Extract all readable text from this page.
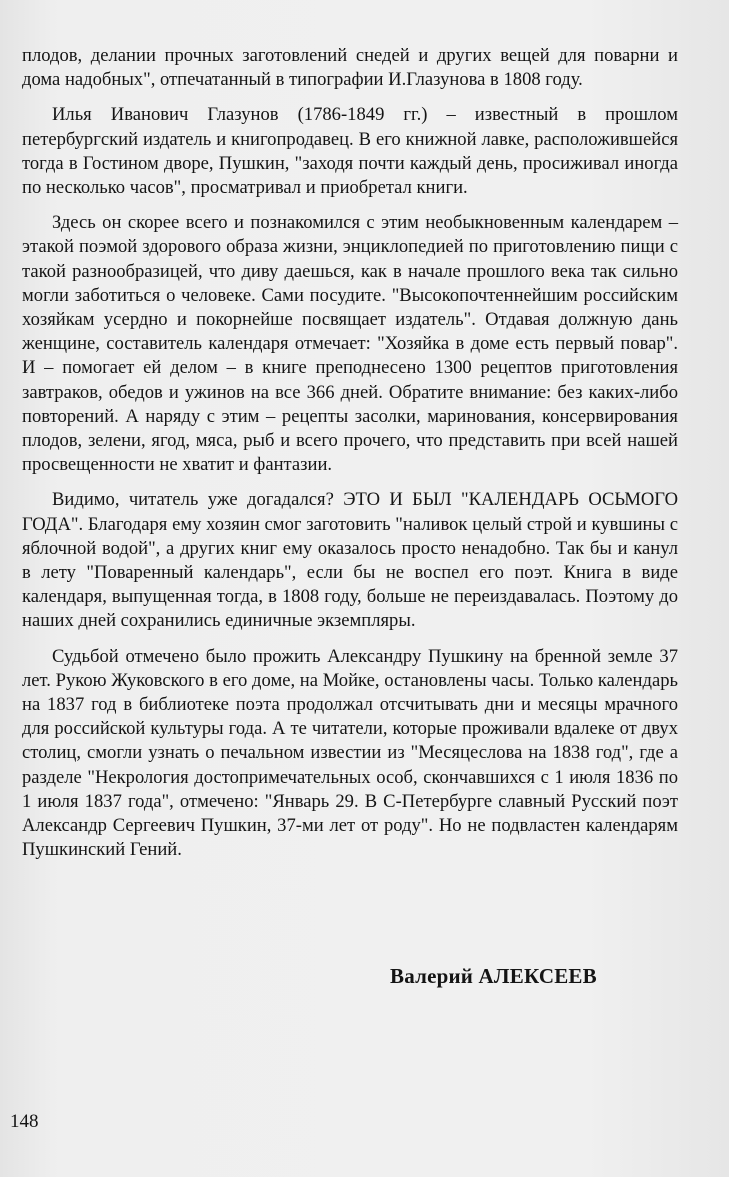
плодов, делании прочных заготовлений снедей и других вещей для поварни и дома надобных", отпечатанный в типографии И.Глазунова в 1808 году.

Илья Иванович Глазунов (1786-1849 гг.) – известный в прошлом петербургский издатель и книгопродавец. В его книжной лавке, расположившейся тогда в Гостином дворе, Пушкин, "заходя почти каждый день, просиживал иногда по несколько часов", просматривал и приобретал книги.

Здесь он скорее всего и познакомился с этим необыкновенным календарем – этакой поэмой здорового образа жизни, энциклопедией по приготовлению пищи с такой разнообразицей, что диву даешься, как в начале прошлого века так сильно могли заботиться о человеке. Сами посудите. "Высокопочтеннейшим российским хозяйкам усердно и покорнейше посвящает издатель". Отдавая должную дань женщине, составитель календаря отмечает: "Хозяйка в доме есть первый повар". И – помогает ей делом – в книге преподнесено 1300 рецептов приготовления завтраков, обедов и ужинов на все 366 дней. Обратите внимание: без каких-либо повторений. А наряду с этим – рецепты засолки, маринования, консервирования плодов, зелени, ягод, мяса, рыб и всего прочего, что представить при всей нашей просвещенности не хватит и фантазии.

Видимо, читатель уже догадался? ЭТО И БЫЛ "КАЛЕНДАРЬ ОСЬМОГО ГОДА". Благодаря ему хозяин смог заготовить "наливок целый строй и кувшины с яблочной водой", а других книг ему оказалось просто ненадобно. Так бы и канул в лету "Поваренный календарь", если бы не воспел его поэт. Книга в виде календаря, выпущенная тогда, в 1808 году, больше не переиздавалась. Поэтому до наших дней сохранились единичные экземпляры.

Судьбой отмечено было прожить Александру Пушкину на бренной земле 37 лет. Рукою Жуковского в его доме, на Мойке, остановлены часы. Только календарь на 1837 год в библиотеке поэта продолжал отсчитывать дни и месяцы мрачного для российской культуры года. А те читатели, которые проживали вдалеке от двух столиц, смогли узнать о печальном известии из "Месяцеслова на 1838 год", где а разделе "Некрология достопримечательных особ, скончавшихся с 1 июля 1836 по 1 июля 1837 года", отмечено: "Январь 29. В С-Петербурге славный Русский поэт Александр Сергеевич Пушкин, 37-ми лет от роду". Но не подвластен календарям Пушкинский Гений.

Валерий АЛЕКСЕЕВ
148
